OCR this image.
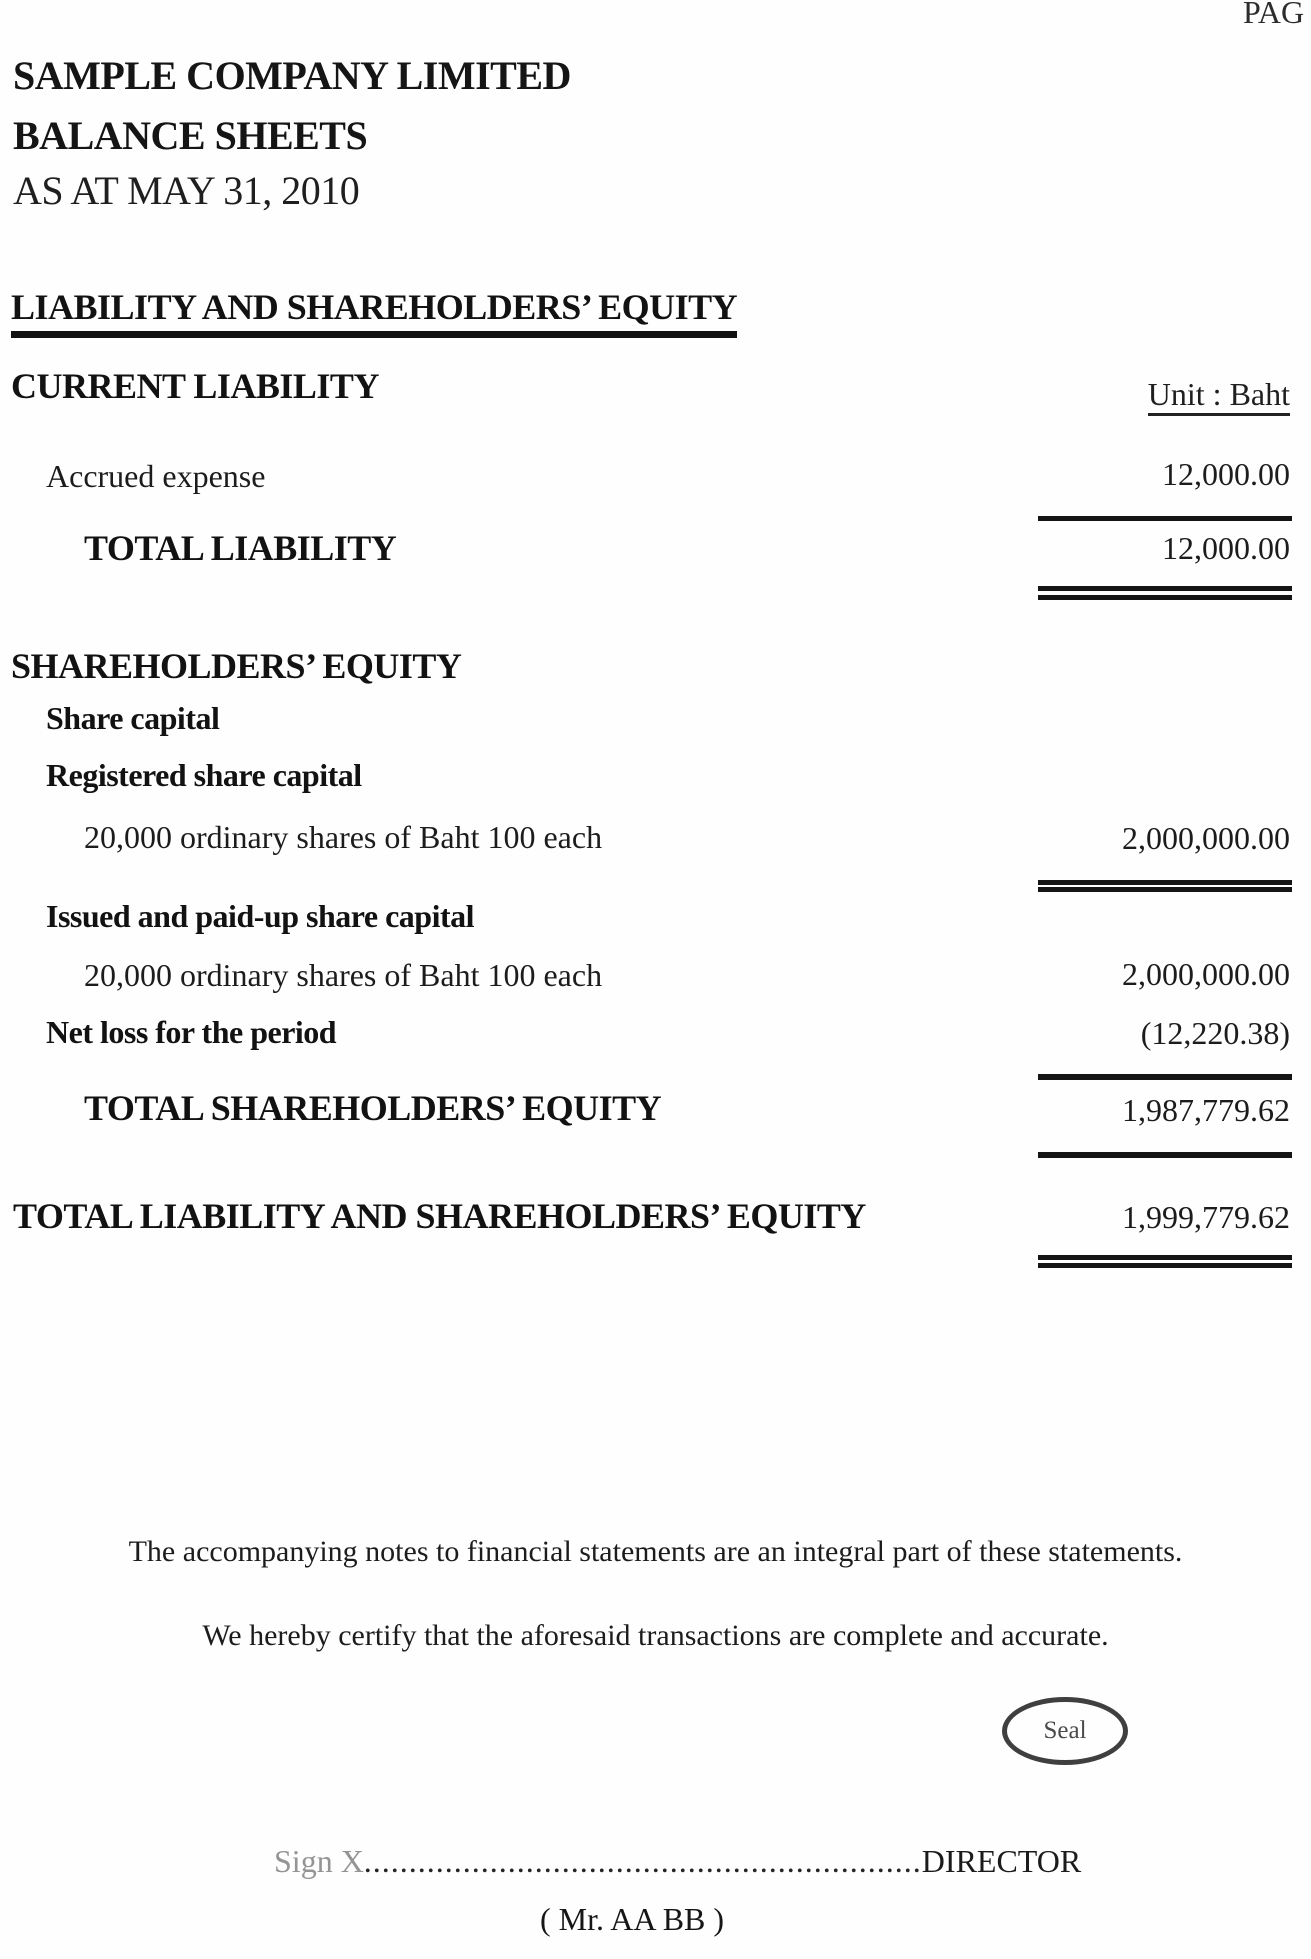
PAG
SAMPLE COMPANY LIMITED
BALANCE SHEETS
AS AT MAY 31, 2010
LIABILITY AND SHAREHOLDERS’ EQUITY
CURRENT LIABILITY	Unit : Baht
Accrued expense	12,000.00
TOTAL LIABILITY	12,000.00
SHAREHOLDERS’ EQUITY
Share capital
Registered share capital
20,000 ordinary shares of Baht 100 each	2,000,000.00
Issued and paid-up share capital
20,000 ordinary shares of Baht 100 each	2,000,000.00
Net loss for the period	(12,220.38)
TOTAL SHAREHOLDERS’ EQUITY	1,987,779.62
TOTAL LIABILITY AND SHAREHOLDERS’ EQUITY	1,999,779.62
The accompanying notes to financial statements are an integral part of these statements.
We hereby certify that the aforesaid transactions are complete and accurate.
Seal
Sign X..............................................................DIRECTOR
( Mr. AA BB )
